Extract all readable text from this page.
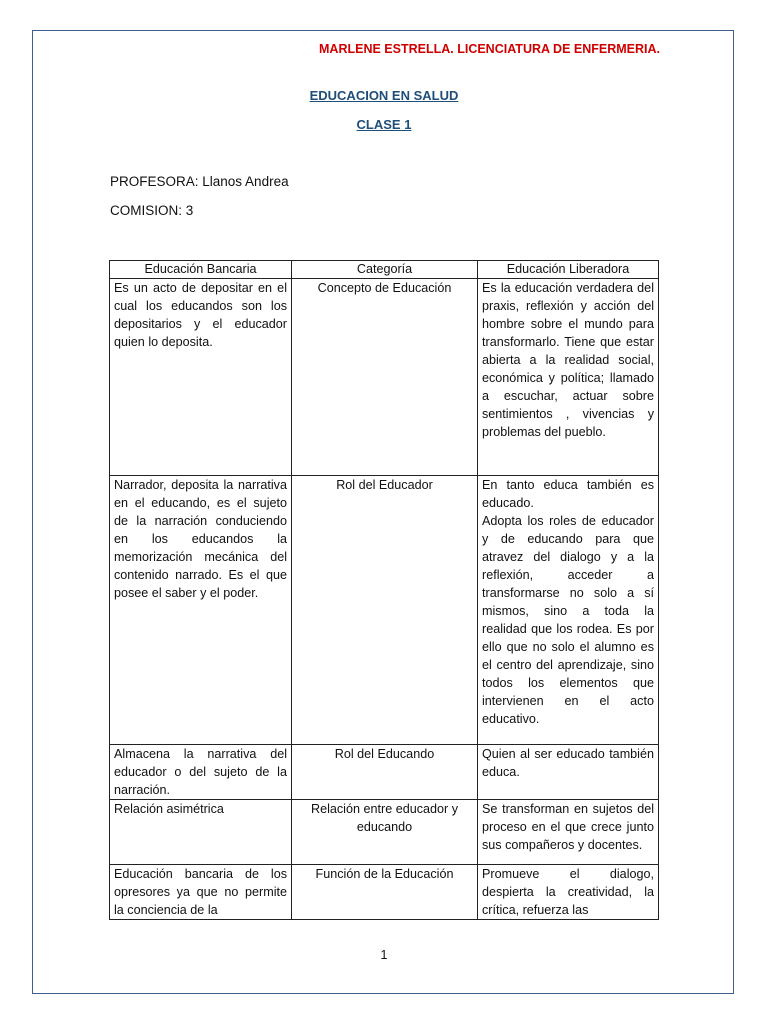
MARLENE ESTRELLA. LICENCIATURA DE ENFERMERIA.
EDUCACION EN SALUD
CLASE 1
PROFESORA: Llanos Andrea
COMISION: 3
Educación Bancaria	Categoría	Educación Liberadora
Es un acto de depositar en el cual los educandos son los depositarios y el educador quien lo deposita.	Concepto de Educación	Es la educación verdadera del praxis, reflexión y acción del hombre sobre el mundo para transformarlo. Tiene que estar abierta a la realidad social, económica y política; llamado a escuchar, actuar sobre sentimientos , vivencias y problemas del pueblo.
Narrador, deposita la narrativa en el educando, es el sujeto de la narración conduciendo en los educandos la memorización mecánica del contenido narrado. Es el que posee el saber y el poder.	Rol del Educador	En tanto educa también es educado.
Adopta los roles de educador y de educando para que atravez del dialogo y a la reflexión, acceder a transformarse no solo a sí mismos, sino a toda la realidad que los rodea. Es por ello que no solo el alumno es el centro del aprendizaje, sino todos los elementos que intervienen en el acto educativo.

Almacena la narrativa del educador o del sujeto de la narración.	Rol del Educando	Quien al ser educado también educa.
Relación asimétrica	Relación entre educador y educando	Se transforman en sujetos del proceso en el que crece junto sus compañeros y docentes.

Educación bancaria de los opresores ya que no permite la conciencia de la	Función de la Educación	Promueve el dialogo, despierta la creatividad, la crítica, refuerza las
1
